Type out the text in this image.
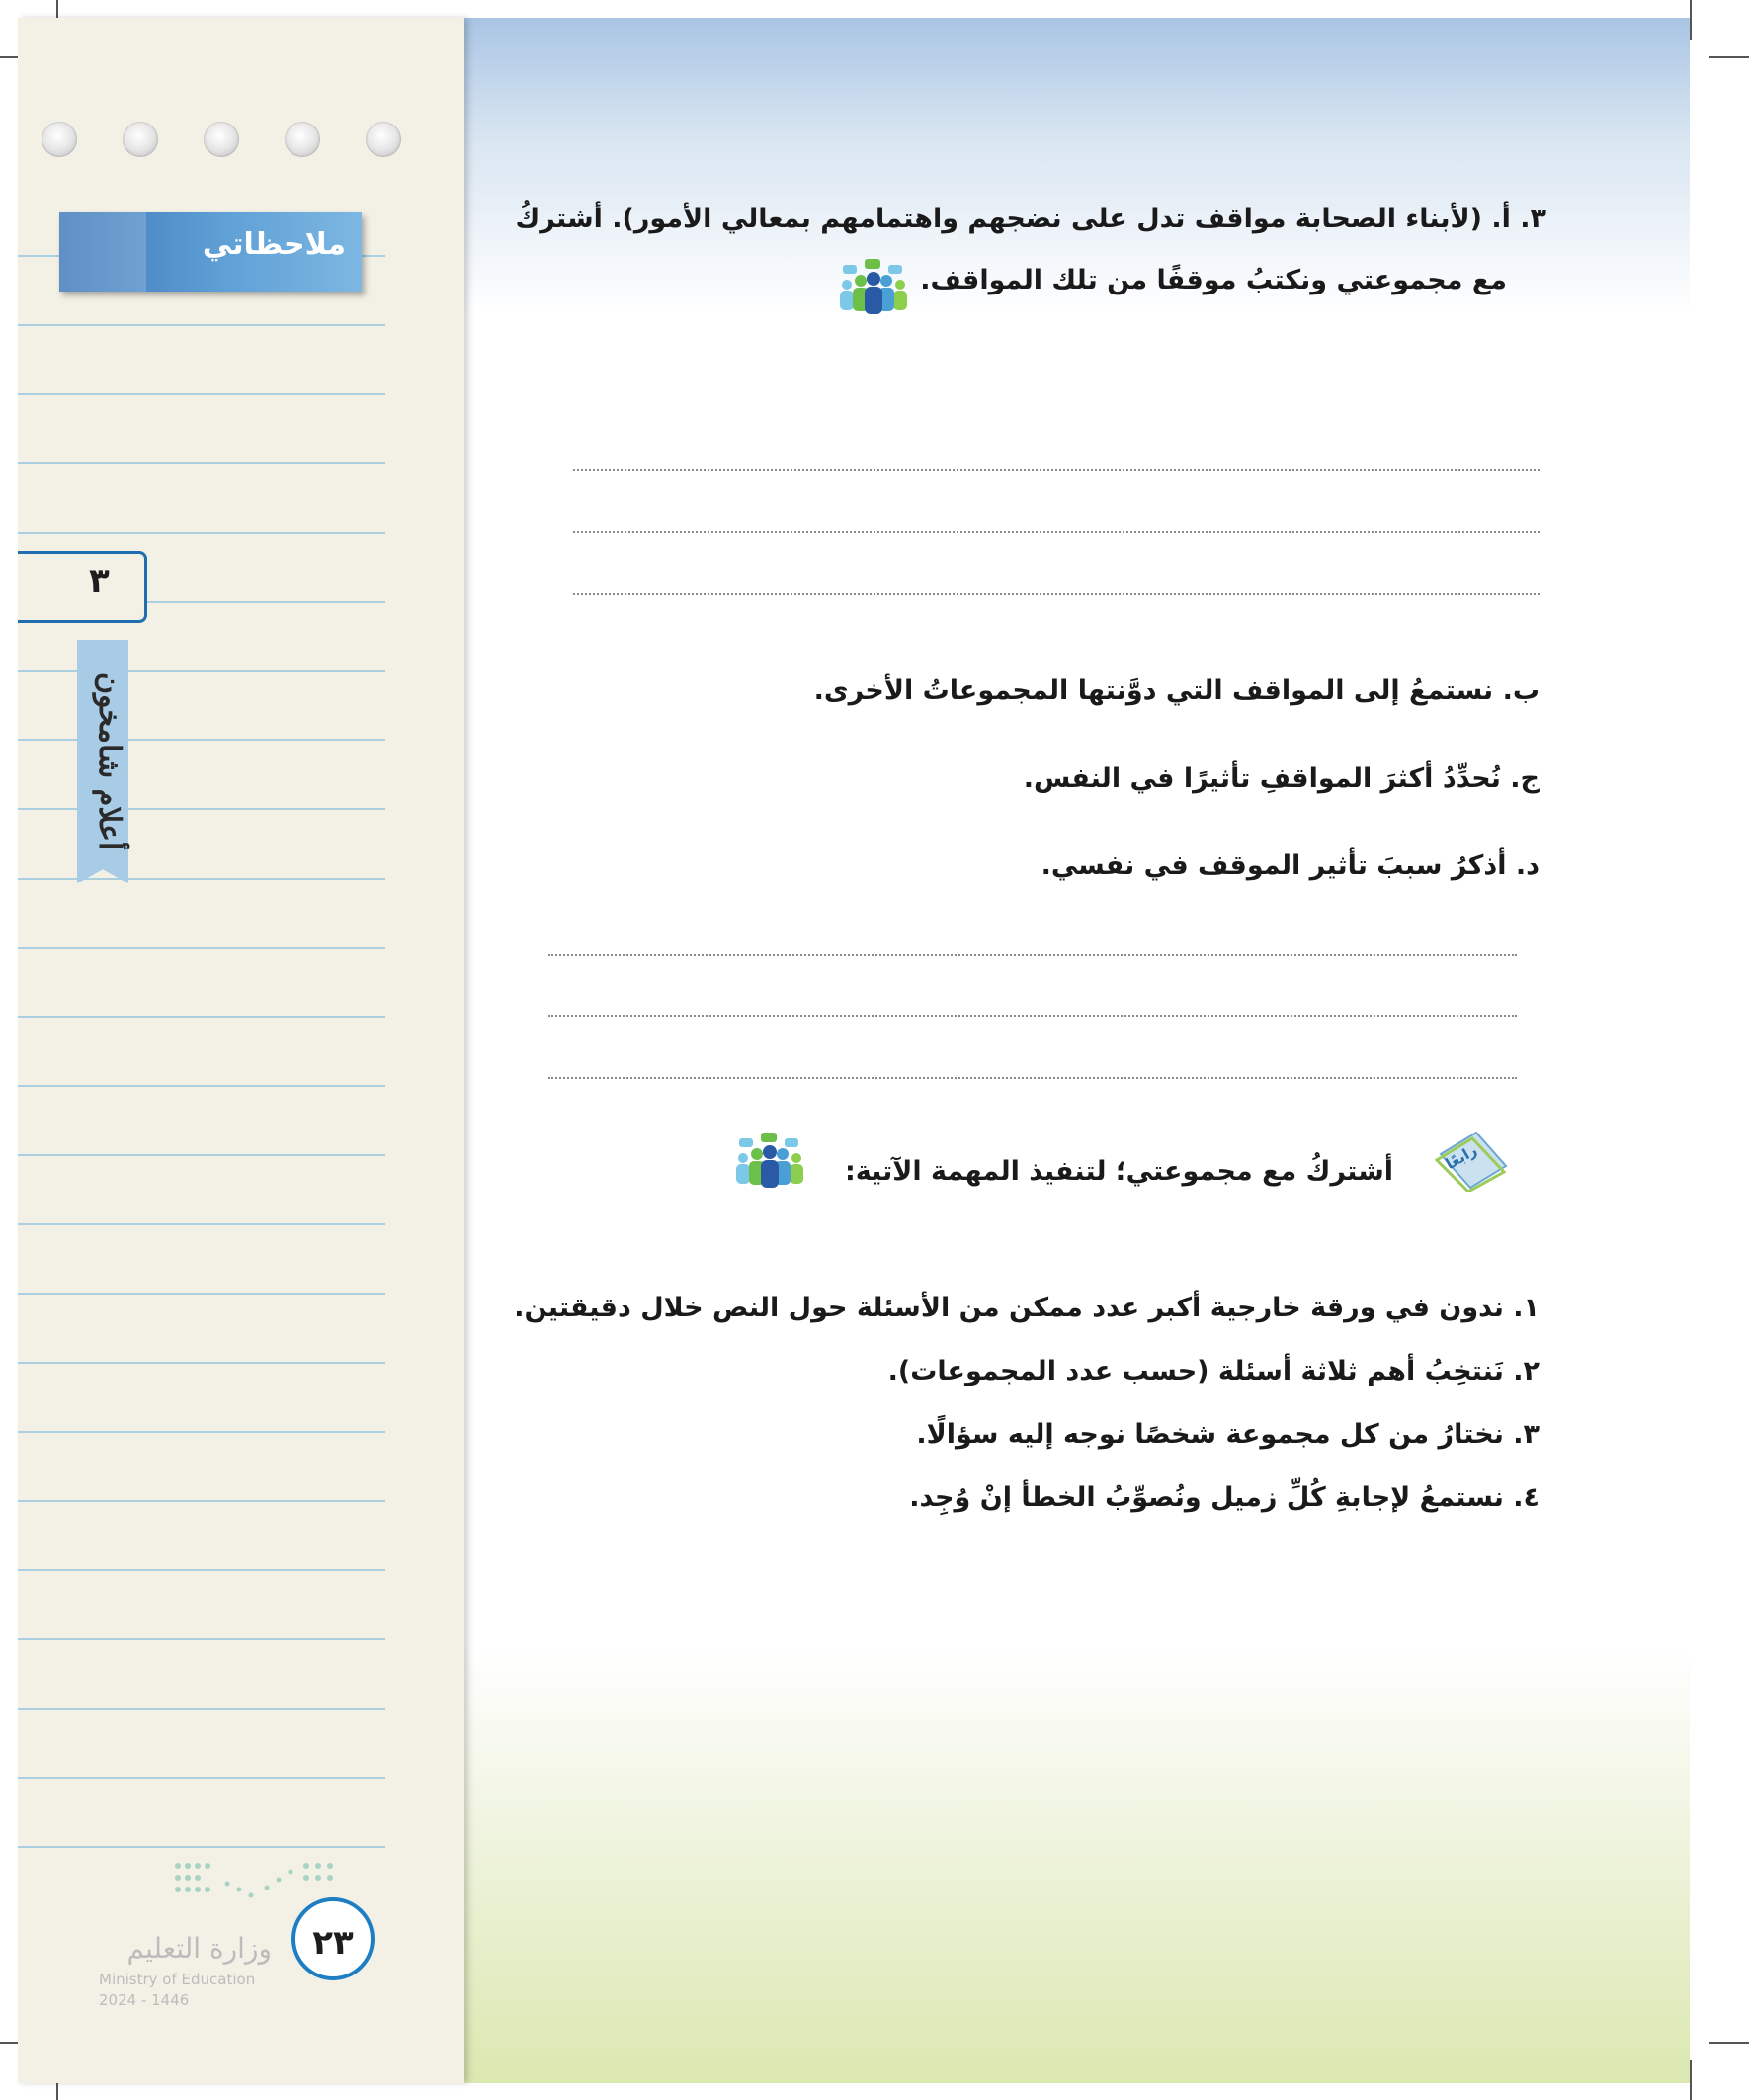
ملاحظاتي
٣
أعلام شامخون
٢٣
وزارة التعليم
Ministry of Education
2024 - 1446
٣. أ. (لأبناء الصحابة مواقف تدل على نضجهم واهتمامهم بمعالي الأمور). أشتركُ
مع مجموعتي ونكتبُ موقفًا من تلك المواقف.
ب. نستمعُ إلى المواقف التي دوَّنتها المجموعاتُ الأخرى.
ج. نُحدِّدُ أكثرَ المواقفِ تأثيرًا في النفس.
د. أذكرُ سببَ تأثير الموقف في نفسي.
رابعًا
أشتركُ مع مجموعتي؛ لتنفيذ المهمة الآتية:
١. ندون في ورقة خارجية أكبر عدد ممكن من الأسئلة حول النص خلال دقيقتين.
٢. نَنتخِبُ أهم ثلاثة أسئلة (حسب عدد المجموعات).
٣. نختارُ من كل مجموعة شخصًا نوجه إليه سؤالًا.
٤. نستمعُ لإجابةِ كُلِّ زميل ونُصوِّبُ الخطأ إنْ وُجِد.
